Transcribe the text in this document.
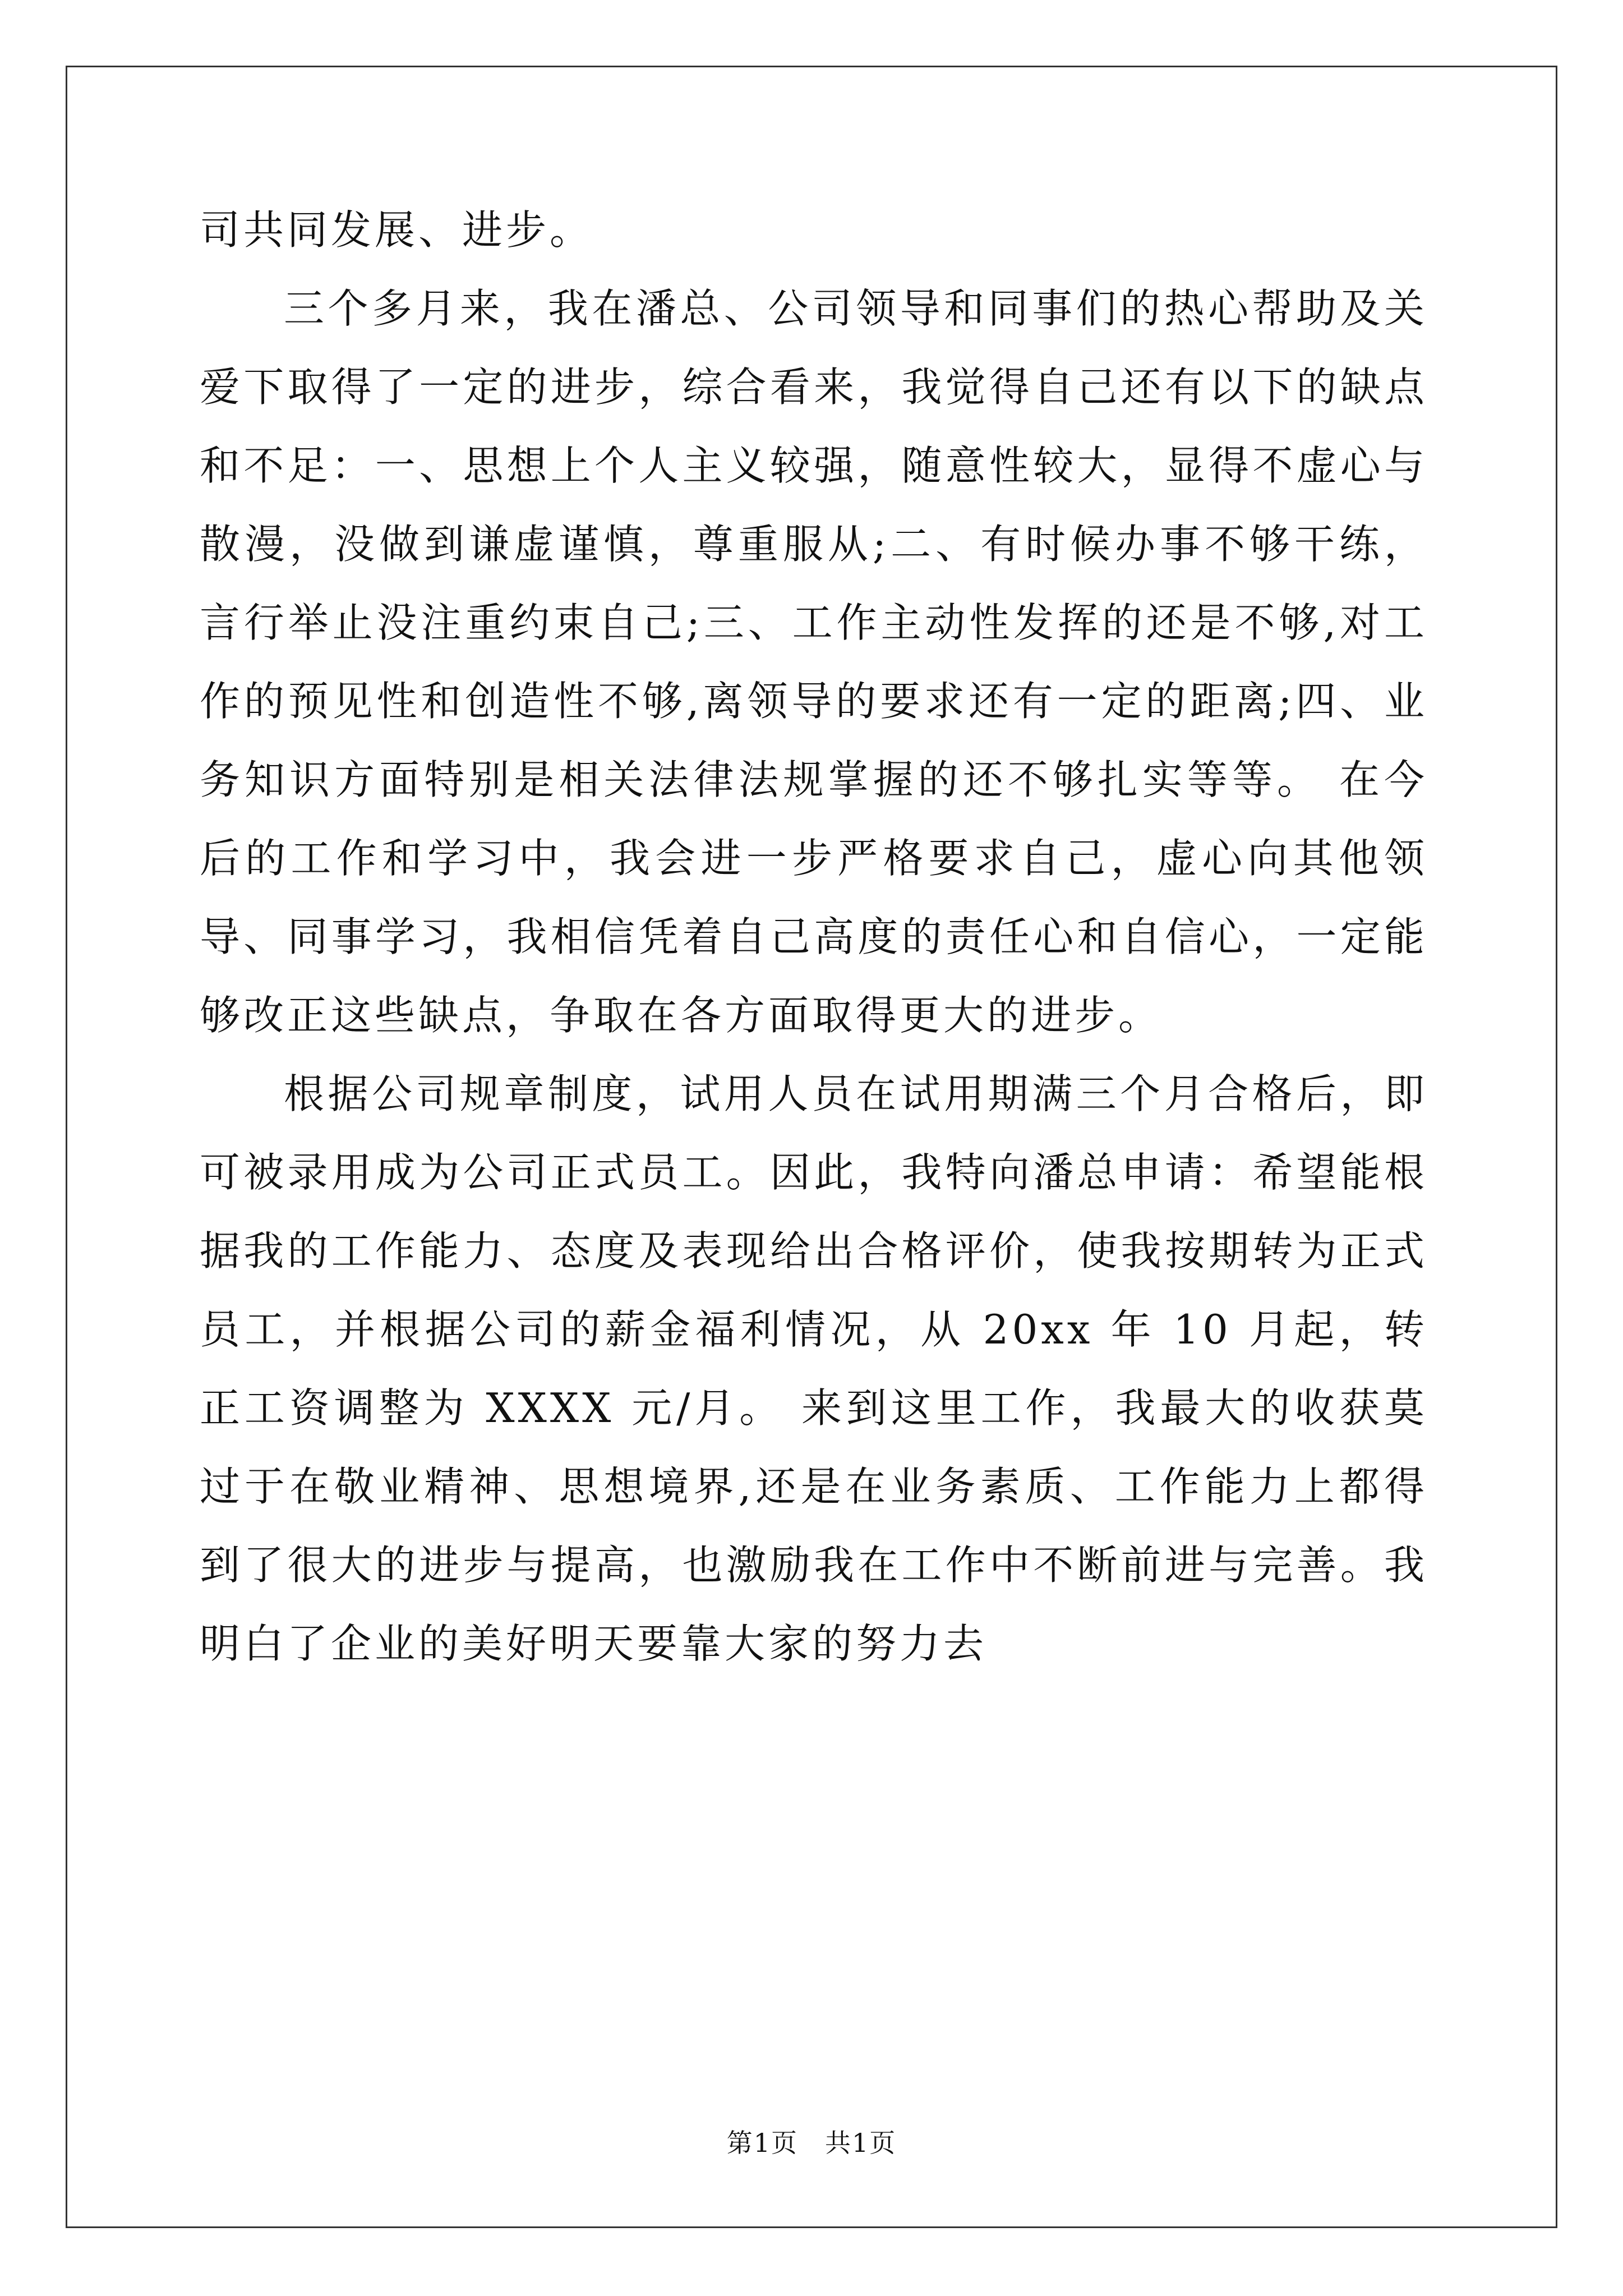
司共同发展、进步。

三个多月来，我在潘总、公司领导和同事们的热心帮助及关爱下取得了一定的进步，综合看来，我觉得自己还有以下的缺点和不足：一、思想上个人主义较强，随意性较大，显得不虚心与散漫，没做到谦虚谨慎，尊重服从;二、有时候办事不够干练，言行举止没注重约束自己;三、工作主动性发挥的还是不够,对工作的预见性和创造性不够,离领导的要求还有一定的距离;四、业务知识方面特别是相关法律法规掌握的还不够扎实等等。 在今后的工作和学习中，我会进一步严格要求自己，虚心向其他领导、同事学习，我相信凭着自己高度的责任心和自信心，一定能够改正这些缺点，争取在各方面取得更大的进步。

根据公司规章制度，试用人员在试用期满三个月合格后，即可被录用成为公司正式员工。因此，我特向潘总申请：希望能根据我的工作能力、态度及表现给出合格评价，使我按期转为正式员工，并根据公司的薪金福利情况，从 20xx 年 10 月起，转正工资调整为 XXXX 元/月。 来到这里工作，我最大的收获莫过于在敬业精神、思想境界,还是在业务素质、工作能力上都得到了很大的进步与提高，也激励我在工作中不断前进与完善。我明白了企业的美好明天要靠大家的努力去

第1页　共1页
